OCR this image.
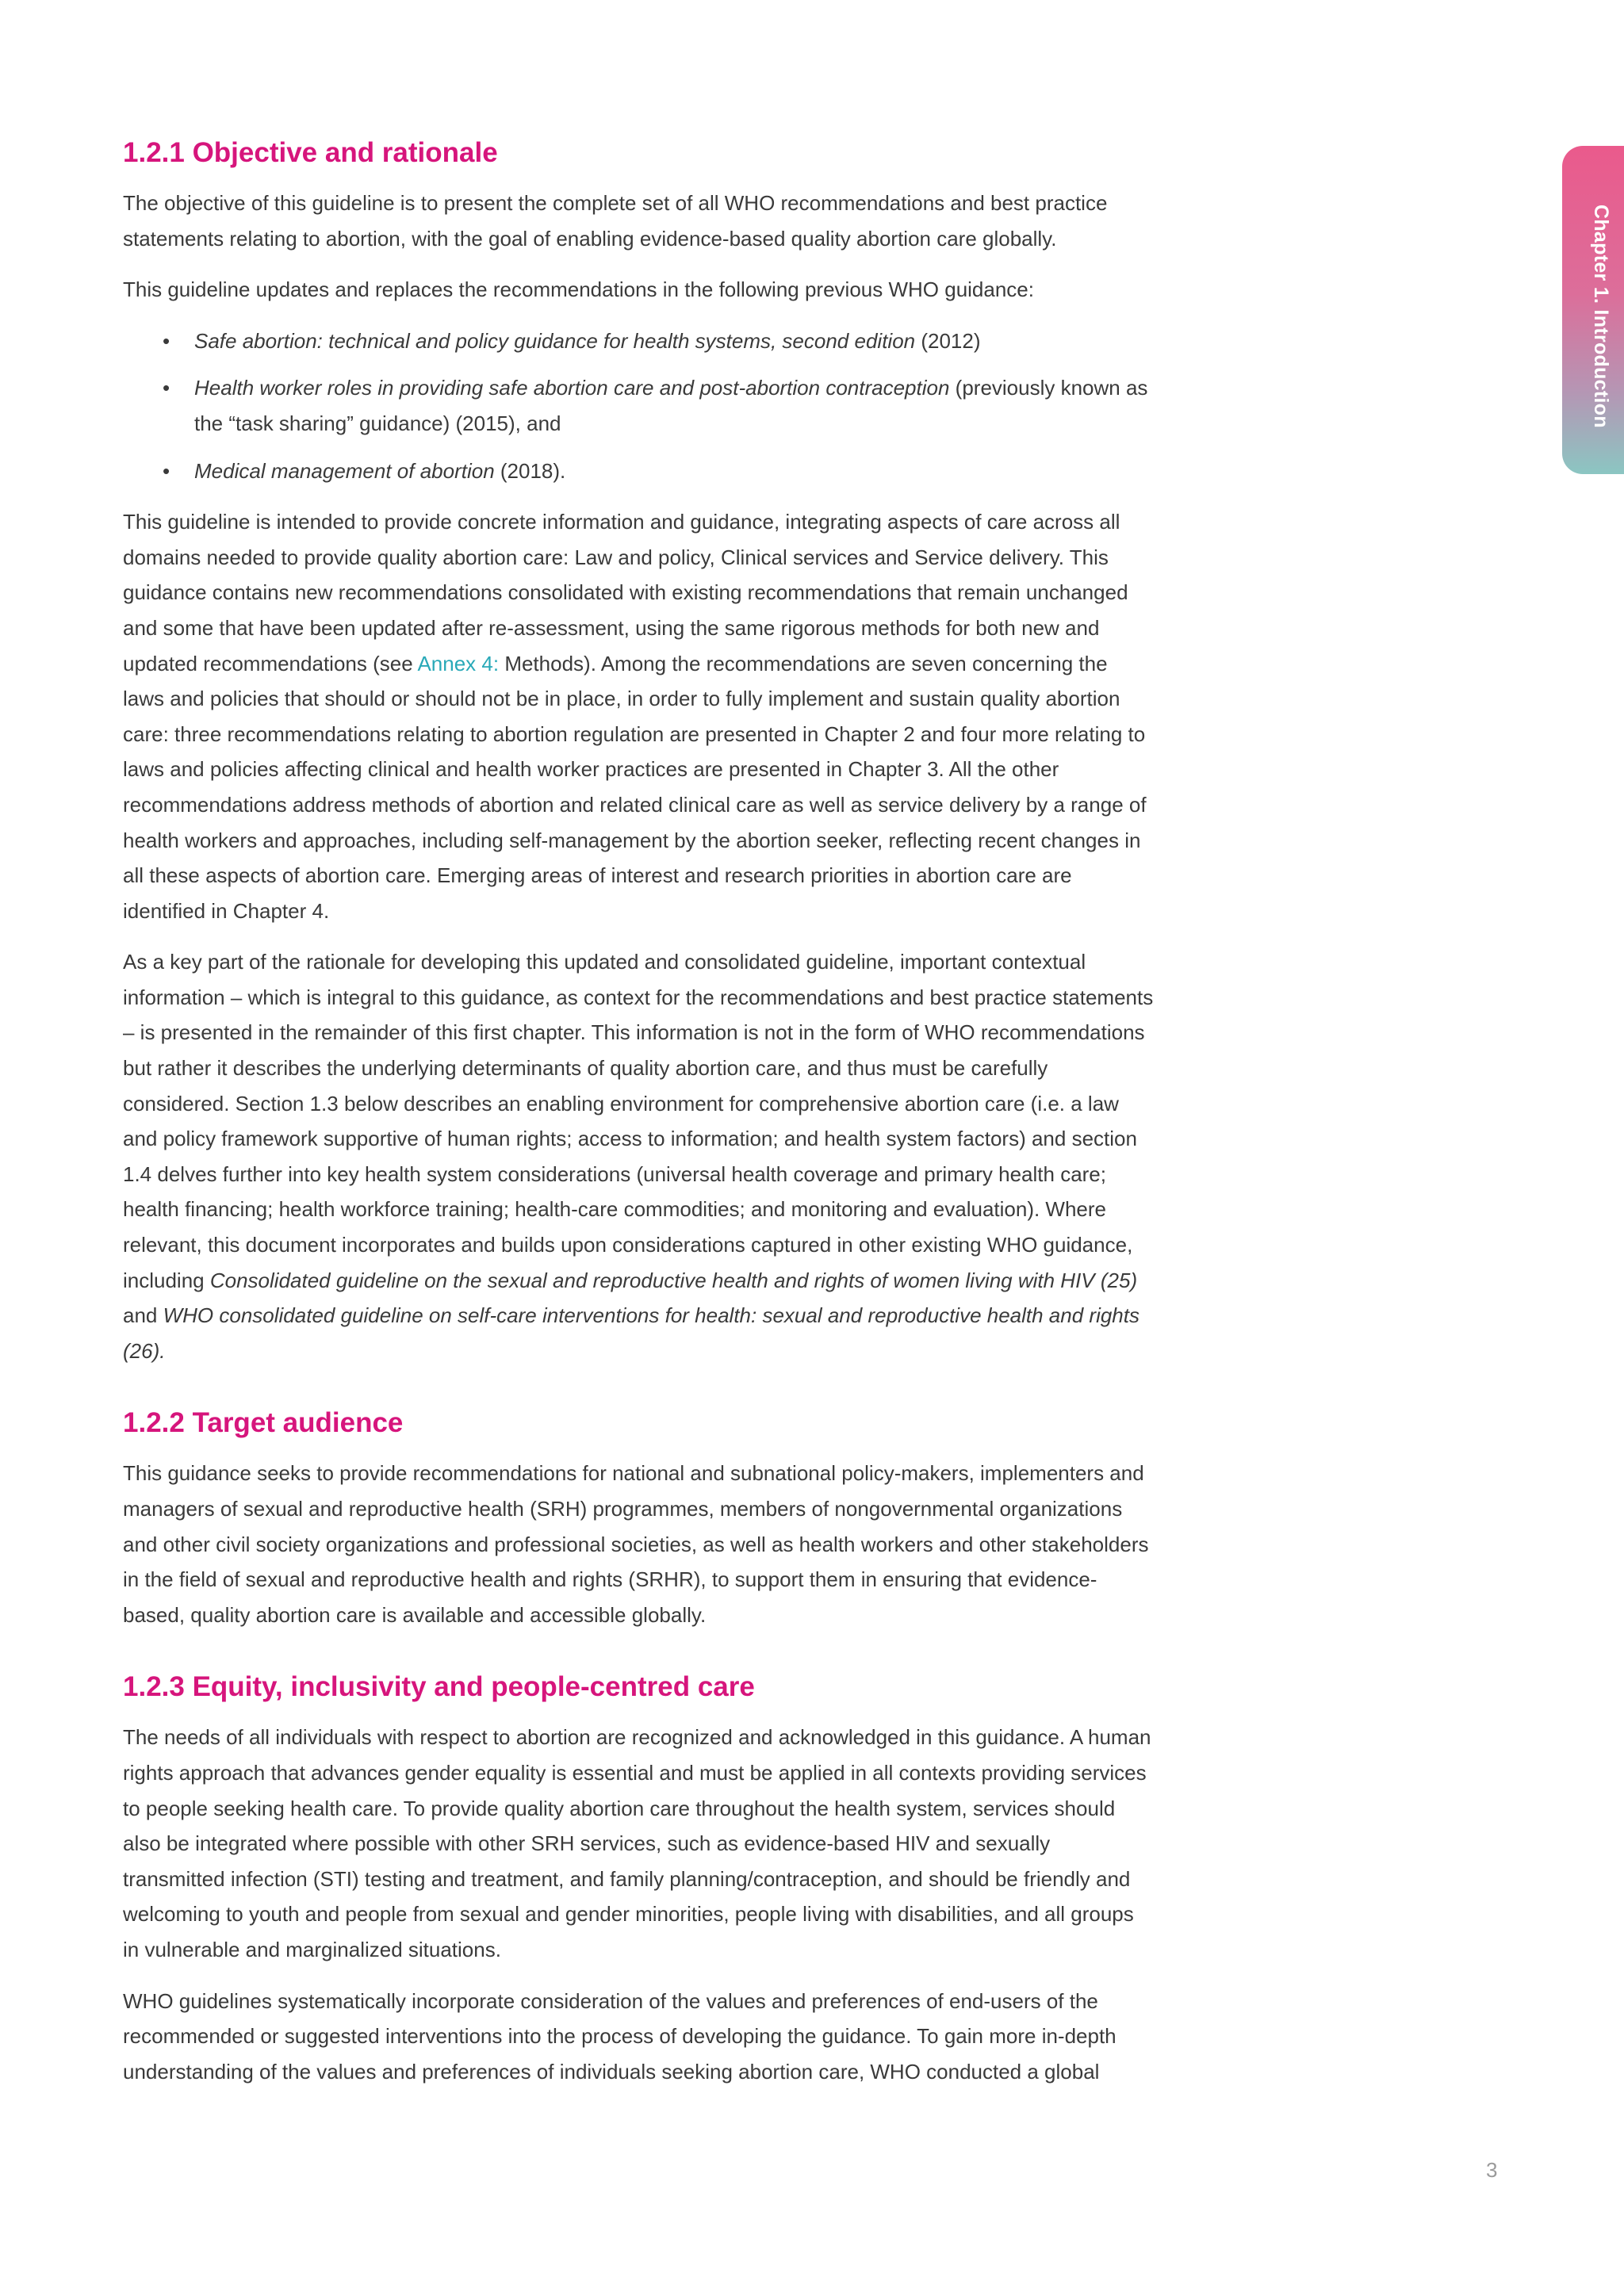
Chapter 1. Introduction
1.2.1 Objective and rationale

The objective of this guideline is to present the complete set of all WHO recommendations and best practice statements relating to abortion, with the goal of enabling evidence-based quality abortion care globally.

This guideline updates and replaces the recommendations in the following previous WHO guidance:

• Safe abortion: technical and policy guidance for health systems, second edition (2012)
• Health worker roles in providing safe abortion care and post-abortion contraception (previously known as the “task sharing” guidance) (2015), and
• Medical management of abortion (2018).

This guideline is intended to provide concrete information and guidance, integrating aspects of care across all domains needed to provide quality abortion care: Law and policy, Clinical services and Service delivery. This guidance contains new recommendations consolidated with existing recommendations that remain unchanged and some that have been updated after re-assessment, using the same rigorous methods for both new and updated recommendations (see Annex 4: Methods). Among the recommendations are seven concerning the laws and policies that should or should not be in place, in order to fully implement and sustain quality abortion care: three recommendations relating to abortion regulation are presented in Chapter 2 and four more relating to laws and policies affecting clinical and health worker practices are presented in Chapter 3. All the other recommendations address methods of abortion and related clinical care as well as service delivery by a range of health workers and approaches, including self-management by the abortion seeker, reflecting recent changes in all these aspects of abortion care. Emerging areas of interest and research priorities in abortion care are identified in Chapter 4.

As a key part of the rationale for developing this updated and consolidated guideline, important contextual information – which is integral to this guidance, as context for the recommendations and best practice statements – is presented in the remainder of this first chapter. This information is not in the form of WHO recommendations but rather it describes the underlying determinants of quality abortion care, and thus must be carefully considered. Section 1.3 below describes an enabling environment for comprehensive abortion care (i.e. a law and policy framework supportive of human rights; access to information; and health system factors) and section 1.4 delves further into key health system considerations (universal health coverage and primary health care; health financing; health workforce training; health-care commodities; and monitoring and evaluation). Where relevant, this document incorporates and builds upon considerations captured in other existing WHO guidance, including Consolidated guideline on the sexual and reproductive health and rights of women living with HIV (25) and WHO consolidated guideline on self-care interventions for health: sexual and reproductive health and rights (26).

1.2.2 Target audience

This guidance seeks to provide recommendations for national and subnational policy-makers, implementers and managers of sexual and reproductive health (SRH) programmes, members of nongovernmental organizations and other civil society organizations and professional societies, as well as health workers and other stakeholders in the field of sexual and reproductive health and rights (SRHR), to support them in ensuring that evidence-based, quality abortion care is available and accessible globally.

1.2.3 Equity, inclusivity and people-centred care

The needs of all individuals with respect to abortion are recognized and acknowledged in this guidance. A human rights approach that advances gender equality is essential and must be applied in all contexts providing services to people seeking health care. To provide quality abortion care throughout the health system, services should also be integrated where possible with other SRH services, such as evidence-based HIV and sexually transmitted infection (STI) testing and treatment, and family planning/contraception, and should be friendly and welcoming to youth and people from sexual and gender minorities, people living with disabilities, and all groups in vulnerable and marginalized situations.

WHO guidelines systematically incorporate consideration of the values and preferences of end-users of the recommended or suggested interventions into the process of developing the guidance. To gain more in-depth understanding of the values and preferences of individuals seeking abortion care, WHO conducted a global

3
